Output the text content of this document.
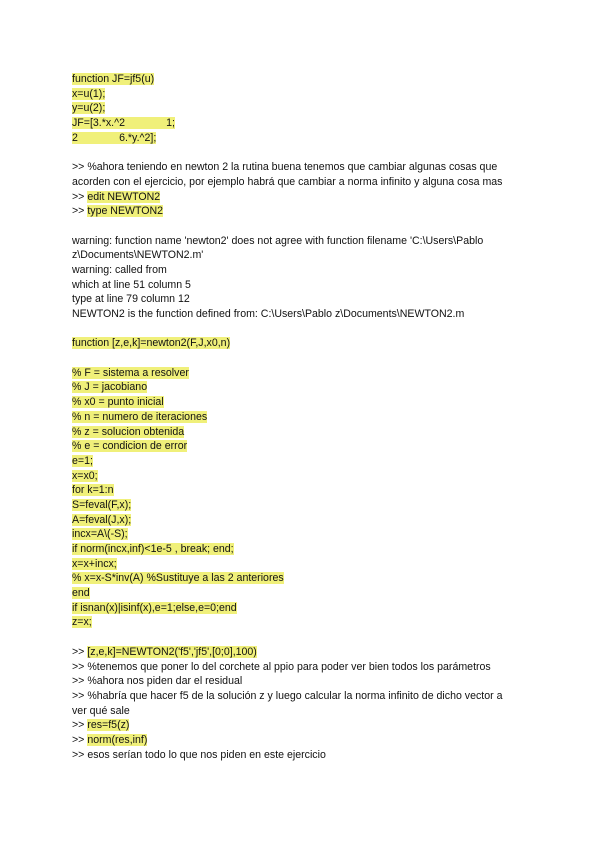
function JF=jf5(u)
x=u(1);
y=u(2);
JF=[3.*x.^2              1;
2              6.*y.^2];
>> %ahora teniendo en newton 2 la rutina buena tenemos que cambiar algunas cosas que
acorden con el ejercicio, por ejemplo habrá que cambiar a norma infinito y alguna cosa mas
>> edit NEWTON2
>> type NEWTON2
warning: function name 'newton2' does not agree with function filename 'C:\Users\Pablo
z\Documents\NEWTON2.m'
warning: called from
which at line 51 column 5
type at line 79 column 12
NEWTON2 is the function defined from: C:\Users\Pablo z\Documents\NEWTON2.m
function [z,e,k]=newton2(F,J,x0,n)
% F = sistema a resolver
% J = jacobiano
% x0 = punto inicial
% n = numero de iteraciones
% z = solucion obtenida
% e = condicion de error
e=1;
x=x0;
for k=1:n
S=feval(F,x);
A=feval(J,x);
incx=A\(-S);
if norm(incx,inf)<1e-5 , break; end;
x=x+incx;
% x=x-S*inv(A) %Sustituye a las 2 anteriores
end
if isnan(x)|isinf(x),e=1;else,e=0;end
z=x;
>> [z,e,k]=NEWTON2('f5','jf5',[0;0],100)
>> %tenemos que poner lo del corchete al ppio para poder ver bien todos los parámetros
>> %ahora nos piden dar el residual
>> %habría que hacer f5 de la solución z y luego calcular la norma infinito de dicho vector a
ver qué sale
>> res=f5(z)
>> norm(res,inf)
>> esos serían todo lo que nos piden en este ejercicio
